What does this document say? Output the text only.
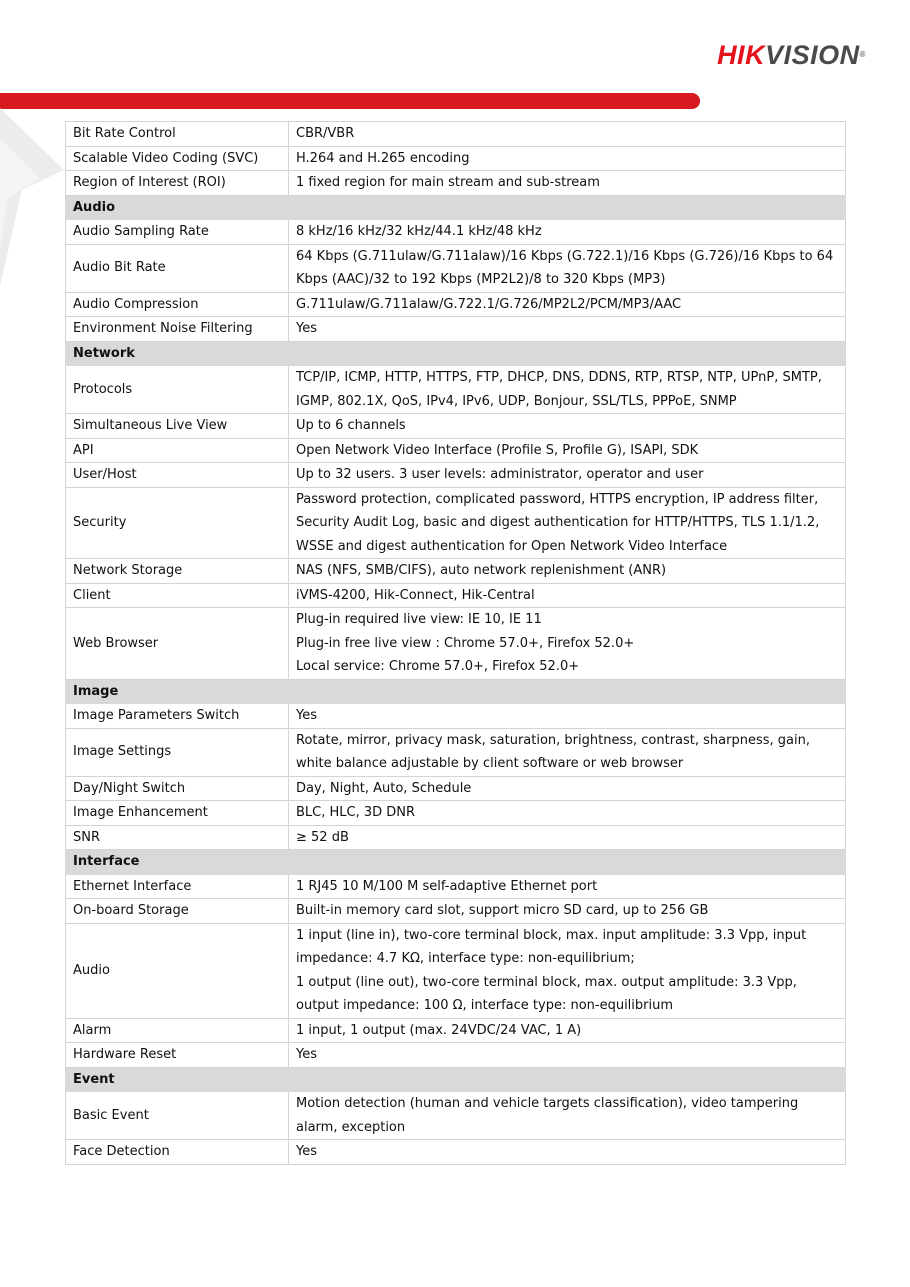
HIKVISION®
Bit Rate Control	CBR/VBR

Scalable Video Coding (SVC)	H.264 and H.265 encoding

Region of Interest (ROI)	1 fixed region for main stream and sub-stream

Audio	
Audio Sampling Rate	8 kHz/16 kHz/32 kHz/44.1 kHz/48 kHz

Audio Bit Rate	64 Kbps (G.711ulaw/G.711alaw)/16 Kbps (G.722.1)/16 Kbps (G.726)/16 Kbps to 64 Kbps (AAC)/32 to 192 Kbps (MP2L2)/8 to 320 Kbps (MP3)

Audio Compression	G.711ulaw/G.711alaw/G.722.1/G.726/MP2L2/PCM/MP3/AAC

Environment Noise Filtering	Yes

Network	
Protocols	TCP/IP, ICMP, HTTP, HTTPS, FTP, DHCP, DNS, DDNS, RTP, RTSP, NTP, UPnP, SMTP, IGMP, 802.1X, QoS, IPv4, IPv6, UDP, Bonjour, SSL/TLS, PPPoE, SNMP

Simultaneous Live View	Up to 6 channels

API	Open Network Video Interface (Profile S, Profile G), ISAPI, SDK

User/Host	Up to 32 users. 3 user levels: administrator, operator and user

Security	Password protection, complicated password, HTTPS encryption, IP address filter, Security Audit Log, basic and digest authentication for HTTP/HTTPS, TLS 1.1/1.2, WSSE and digest authentication for Open Network Video Interface

Network Storage	NAS (NFS, SMB/CIFS), auto network replenishment (ANR)

Client	iVMS-4200, Hik-Connect, Hik-Central

Web Browser	Plug-in required live view: IE 10, IE 11
Plug-in free live view : Chrome 57.0+, Firefox 52.0+
Local service: Chrome 57.0+, Firefox 52.0+

Image	
Image Parameters Switch	Yes

Image Settings	Rotate, mirror, privacy mask, saturation, brightness, contrast, sharpness, gain, white balance adjustable by client software or web browser

Day/Night Switch	Day, Night, Auto, Schedule

Image Enhancement	BLC, HLC, 3D DNR

SNR	≥ 52 dB

Interface	
Ethernet Interface	1 RJ45 10 M/100 M self-adaptive Ethernet port

On-board Storage	Built-in memory card slot, support micro SD card, up to 256 GB

Audio	1 input (line in), two-core terminal block, max. input amplitude: 3.3 Vpp, input impedance: 4.7 KΩ, interface type: non-equilibrium;
1 output (line out), two-core terminal block, max. output amplitude: 3.3 Vpp, output impedance: 100 Ω, interface type: non-equilibrium

Alarm	1 input, 1 output (max. 24VDC/24 VAC, 1 A)

Hardware Reset	Yes

Event	
Basic Event	Motion detection (human and vehicle targets classification), video tampering alarm, exception

Face Detection	Yes
